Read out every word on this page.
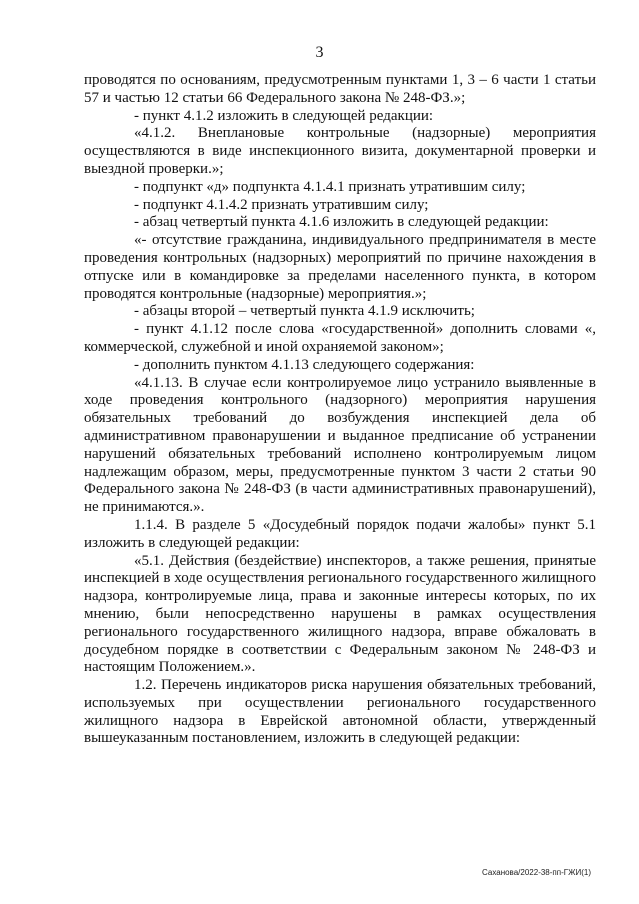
3

проводятся по основаниям, предусмотренным пунктами 1, 3 – 6 части 1 статьи 57 и частью 12 статьи 66 Федерального закона № 248-ФЗ.»;

- пункт 4.1.2 изложить в следующей редакции:

«4.1.2. Внеплановые контрольные (надзорные) мероприятия осуществляются в виде инспекционного визита, документарной проверки и выездной проверки.»;

- подпункт «д» подпункта 4.1.4.1 признать утратившим силу;

- подпункт 4.1.4.2 признать утратившим силу;

- абзац четвертый пункта 4.1.6 изложить в следующей редакции:

«- отсутствие гражданина, индивидуального предпринимателя в месте проведения контрольных (надзорных) мероприятий по причине нахождения в отпуске или в командировке за пределами населенного пункта, в котором проводятся контрольные (надзорные) мероприятия.»;

- абзацы второй – четвертый пункта 4.1.9 исключить;

- пункт 4.1.12 после слова «государственной» дополнить словами «, коммерческой, служебной и иной охраняемой законом»;

- дополнить пунктом 4.1.13 следующего содержания:

«4.1.13. В случае если контролируемое лицо устранило выявленные в ходе проведения контрольного (надзорного) мероприятия нарушения обязательных требований до возбуждения инспекцией дела об административном правонарушении и выданное предписание об устранении нарушений обязательных требований исполнено контролируемым лицом надлежащим образом, меры, предусмотренные пунктом 3 части 2 статьи 90 Федерального закона № 248-ФЗ (в части административных правонарушений), не принимаются.».

1.1.4. В разделе 5 «Досудебный порядок подачи жалобы» пункт 5.1 изложить в следующей редакции:

«5.1. Действия (бездействие) инспекторов, а также решения, принятые инспекцией в ходе осуществления регионального государственного жилищного надзора, контролируемые лица, права и законные интересы которых, по их мнению, были непосредственно нарушены в рамках осуществления регионального государственного жилищного надзора, вправе обжаловать в досудебном порядке в соответствии с Федеральным законом № 248-ФЗ и настоящим Положением.».

1.2. Перечень индикаторов риска нарушения обязательных требований, используемых при осуществлении регионального государственного жилищного надзора в Еврейской автономной области, утвержденный вышеуказанным постановлением, изложить в следующей редакции:

Саханова/2022-38-пп-ГЖИ(1)
